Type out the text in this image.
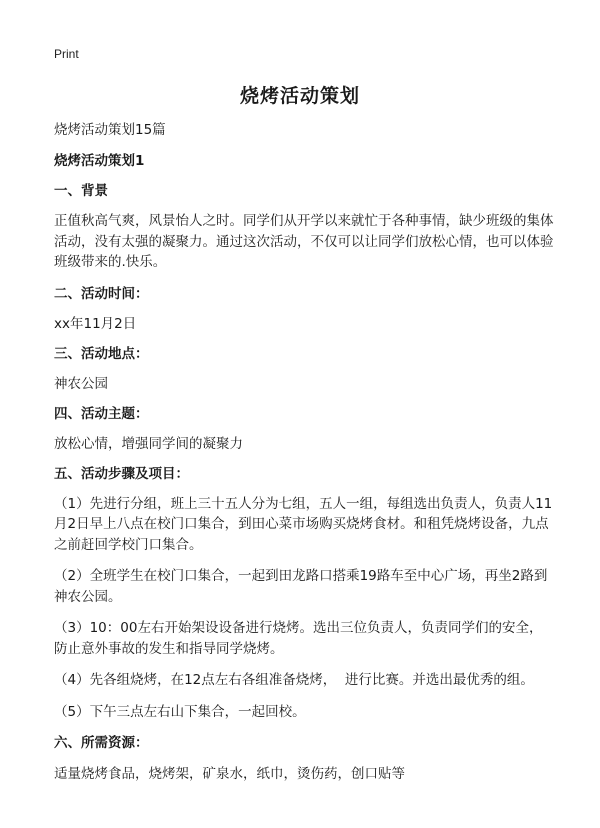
Print
烧烤活动策划

烧烤活动策划15篇

烧烤活动策划1

一、背景

正值秋高气爽，风景怡人之时。同学们从开学以来就忙于各种事情，缺少班级的集体活动，没有太强的凝聚力。通过这次活动，不仅可以让同学们放松心情，也可以体验班级带来的.快乐。

二、活动时间：

xx年11月2日

三、活动地点：

神农公园

四、活动主题：

放松心情，增强同学间的凝聚力

五、活动步骤及项目：

（1）先进行分组，班上三十五人分为七组，五人一组，每组选出负责人，负责人11月2日早上八点在校门口集合，到田心菜市场购买烧烤食材。和租凭烧烤设备，九点之前赶回学校门口集合。

（2）全班学生在校门口集合，一起到田龙路口搭乘19路车至中心广场，再坐2路到神农公园。

（3）10：00左右开始架设设备进行烧烤。选出三位负责人，负责同学们的安全，防止意外事故的发生和指导同学烧烤。

（4）先各组烧烤，在12点左右各组准备烧烤，  进行比赛。并选出最优秀的组。

（5）下午三点左右山下集合，一起回校。

六、所需资源：

适量烧烤食品，烧烤架，矿泉水，纸巾，烫伤药，创口贴等
